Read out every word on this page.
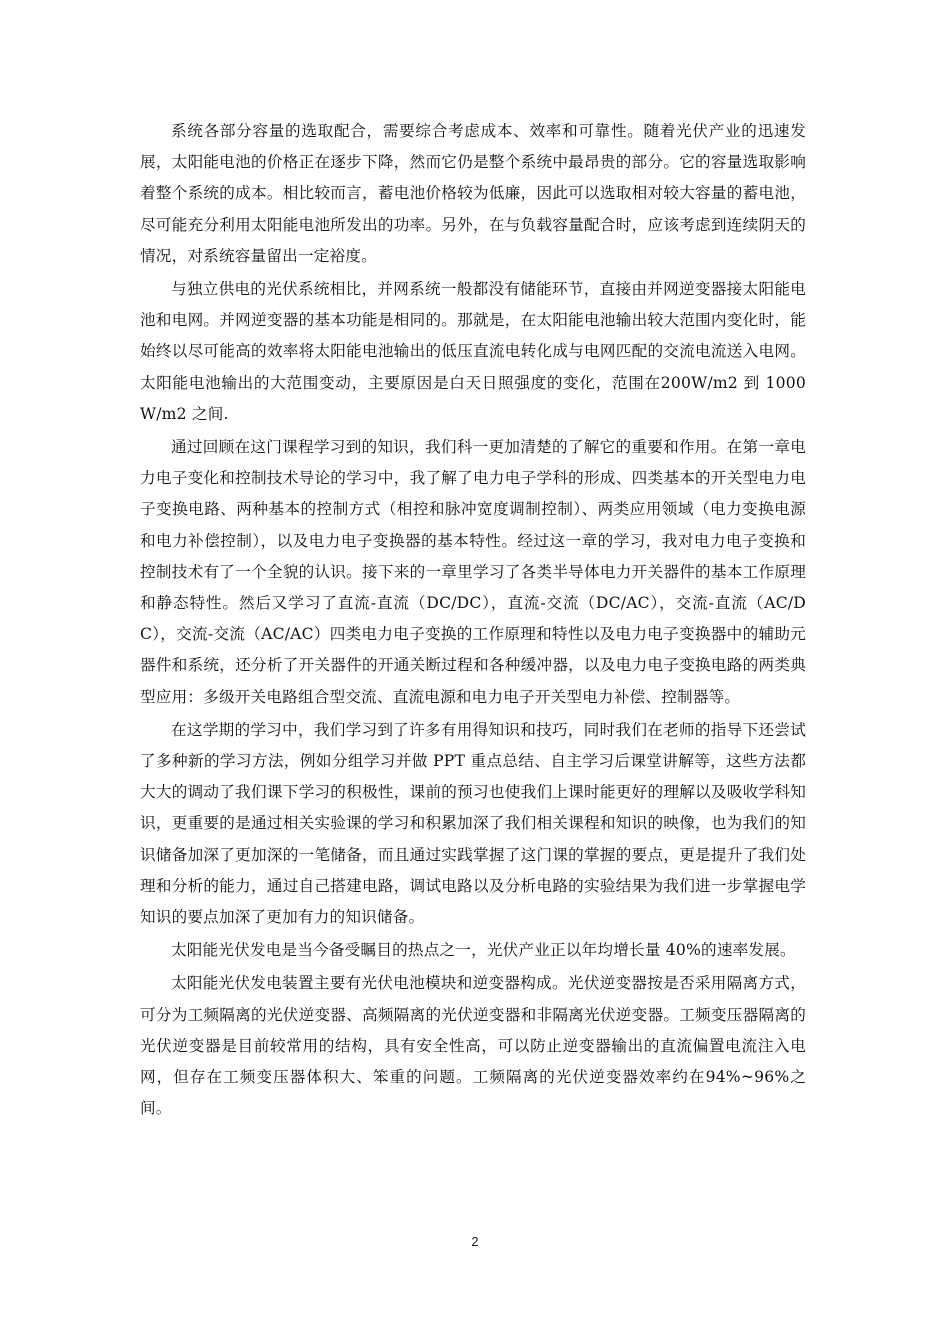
系统各部分容量的选取配合，需要综合考虑成本、效率和可靠性。随着光伏产业的迅速发展，太阳能电池的价格正在逐步下降，然而它仍是整个系统中最昂贵的部分。它的容量选取影响着整个系统的成本。相比较而言，蓄电池价格较为低廉，因此可以选取相对较大容量的蓄电池，尽可能充分利用太阳能电池所发出的功率。另外，在与负载容量配合时，应该考虑到连续阴天的情况，对系统容量留出一定裕度。

与独立供电的光伏系统相比，并网系统一般都没有储能环节，直接由并网逆变器接太阳能电池和电网。并网逆变器的基本功能是相同的。那就是，在太阳能电池输出较大范围内变化时，能始终以尽可能高的效率将太阳能电池输出的低压直流电转化成与电网匹配的交流电流送入电网。太阳能电池输出的大范围变动，主要原因是白天日照强度的变化，范围在200W/m2 到 1000W/m2 之间.

通过回顾在这门课程学习到的知识，我们科一更加清楚的了解它的重要和作用。在第一章电力电子变化和控制技术导论的学习中，我了解了电力电子学科的形成、四类基本的开关型电力电子变换电路、两种基本的控制方式（相控和脉冲宽度调制控制）、两类应用领域（电力变换电源和电力补偿控制），以及电力电子变换器的基本特性。经过这一章的学习，我对电力电子变换和控制技术有了一个全貌的认识。接下来的一章里学习了各类半导体电力开关器件的基本工作原理和静态特性。然后又学习了直流-直流（DC/DC），直流-交流（DC/AC），交流-直流（AC/DC），交流-交流（AC/AC）四类电力电子变换的工作原理和特性以及电力电子变换器中的辅助元器件和系统，还分析了开关器件的开通关断过程和各种缓冲器，以及电力电子变换电路的两类典型应用：多级开关电路组合型交流、直流电源和电力电子开关型电力补偿、控制器等。

在这学期的学习中，我们学习到了许多有用得知识和技巧，同时我们在老师的指导下还尝试了多种新的学习方法，例如分组学习并做 PPT 重点总结、自主学习后课堂讲解等，这些方法都大大的调动了我们课下学习的积极性，课前的预习也使我们上课时能更好的理解以及吸收学科知识，更重要的是通过相关实验课的学习和积累加深了我们相关课程和知识的映像，也为我们的知识储备加深了更加深的一笔储备，而且通过实践掌握了这门课的掌握的要点，更是提升了我们处理和分析的能力，通过自己搭建电路，调试电路以及分析电路的实验结果为我们进一步掌握电学知识的要点加深了更加有力的知识储备。

太阳能光伏发电是当今备受瞩目的热点之一，光伏产业正以年均增长量 40%的速率发展。

太阳能光伏发电装置主要有光伏电池模块和逆变器构成。光伏逆变器按是否采用隔离方式，可分为工频隔离的光伏逆变器、高频隔离的光伏逆变器和非隔离光伏逆变器。工频变压器隔离的光伏逆变器是目前较常用的结构，具有安全性高，可以防止逆变器输出的直流偏置电流注入电网，但存在工频变压器体积大、笨重的问题。工频隔离的光伏逆变器效率约在94%~96%之间。

2
